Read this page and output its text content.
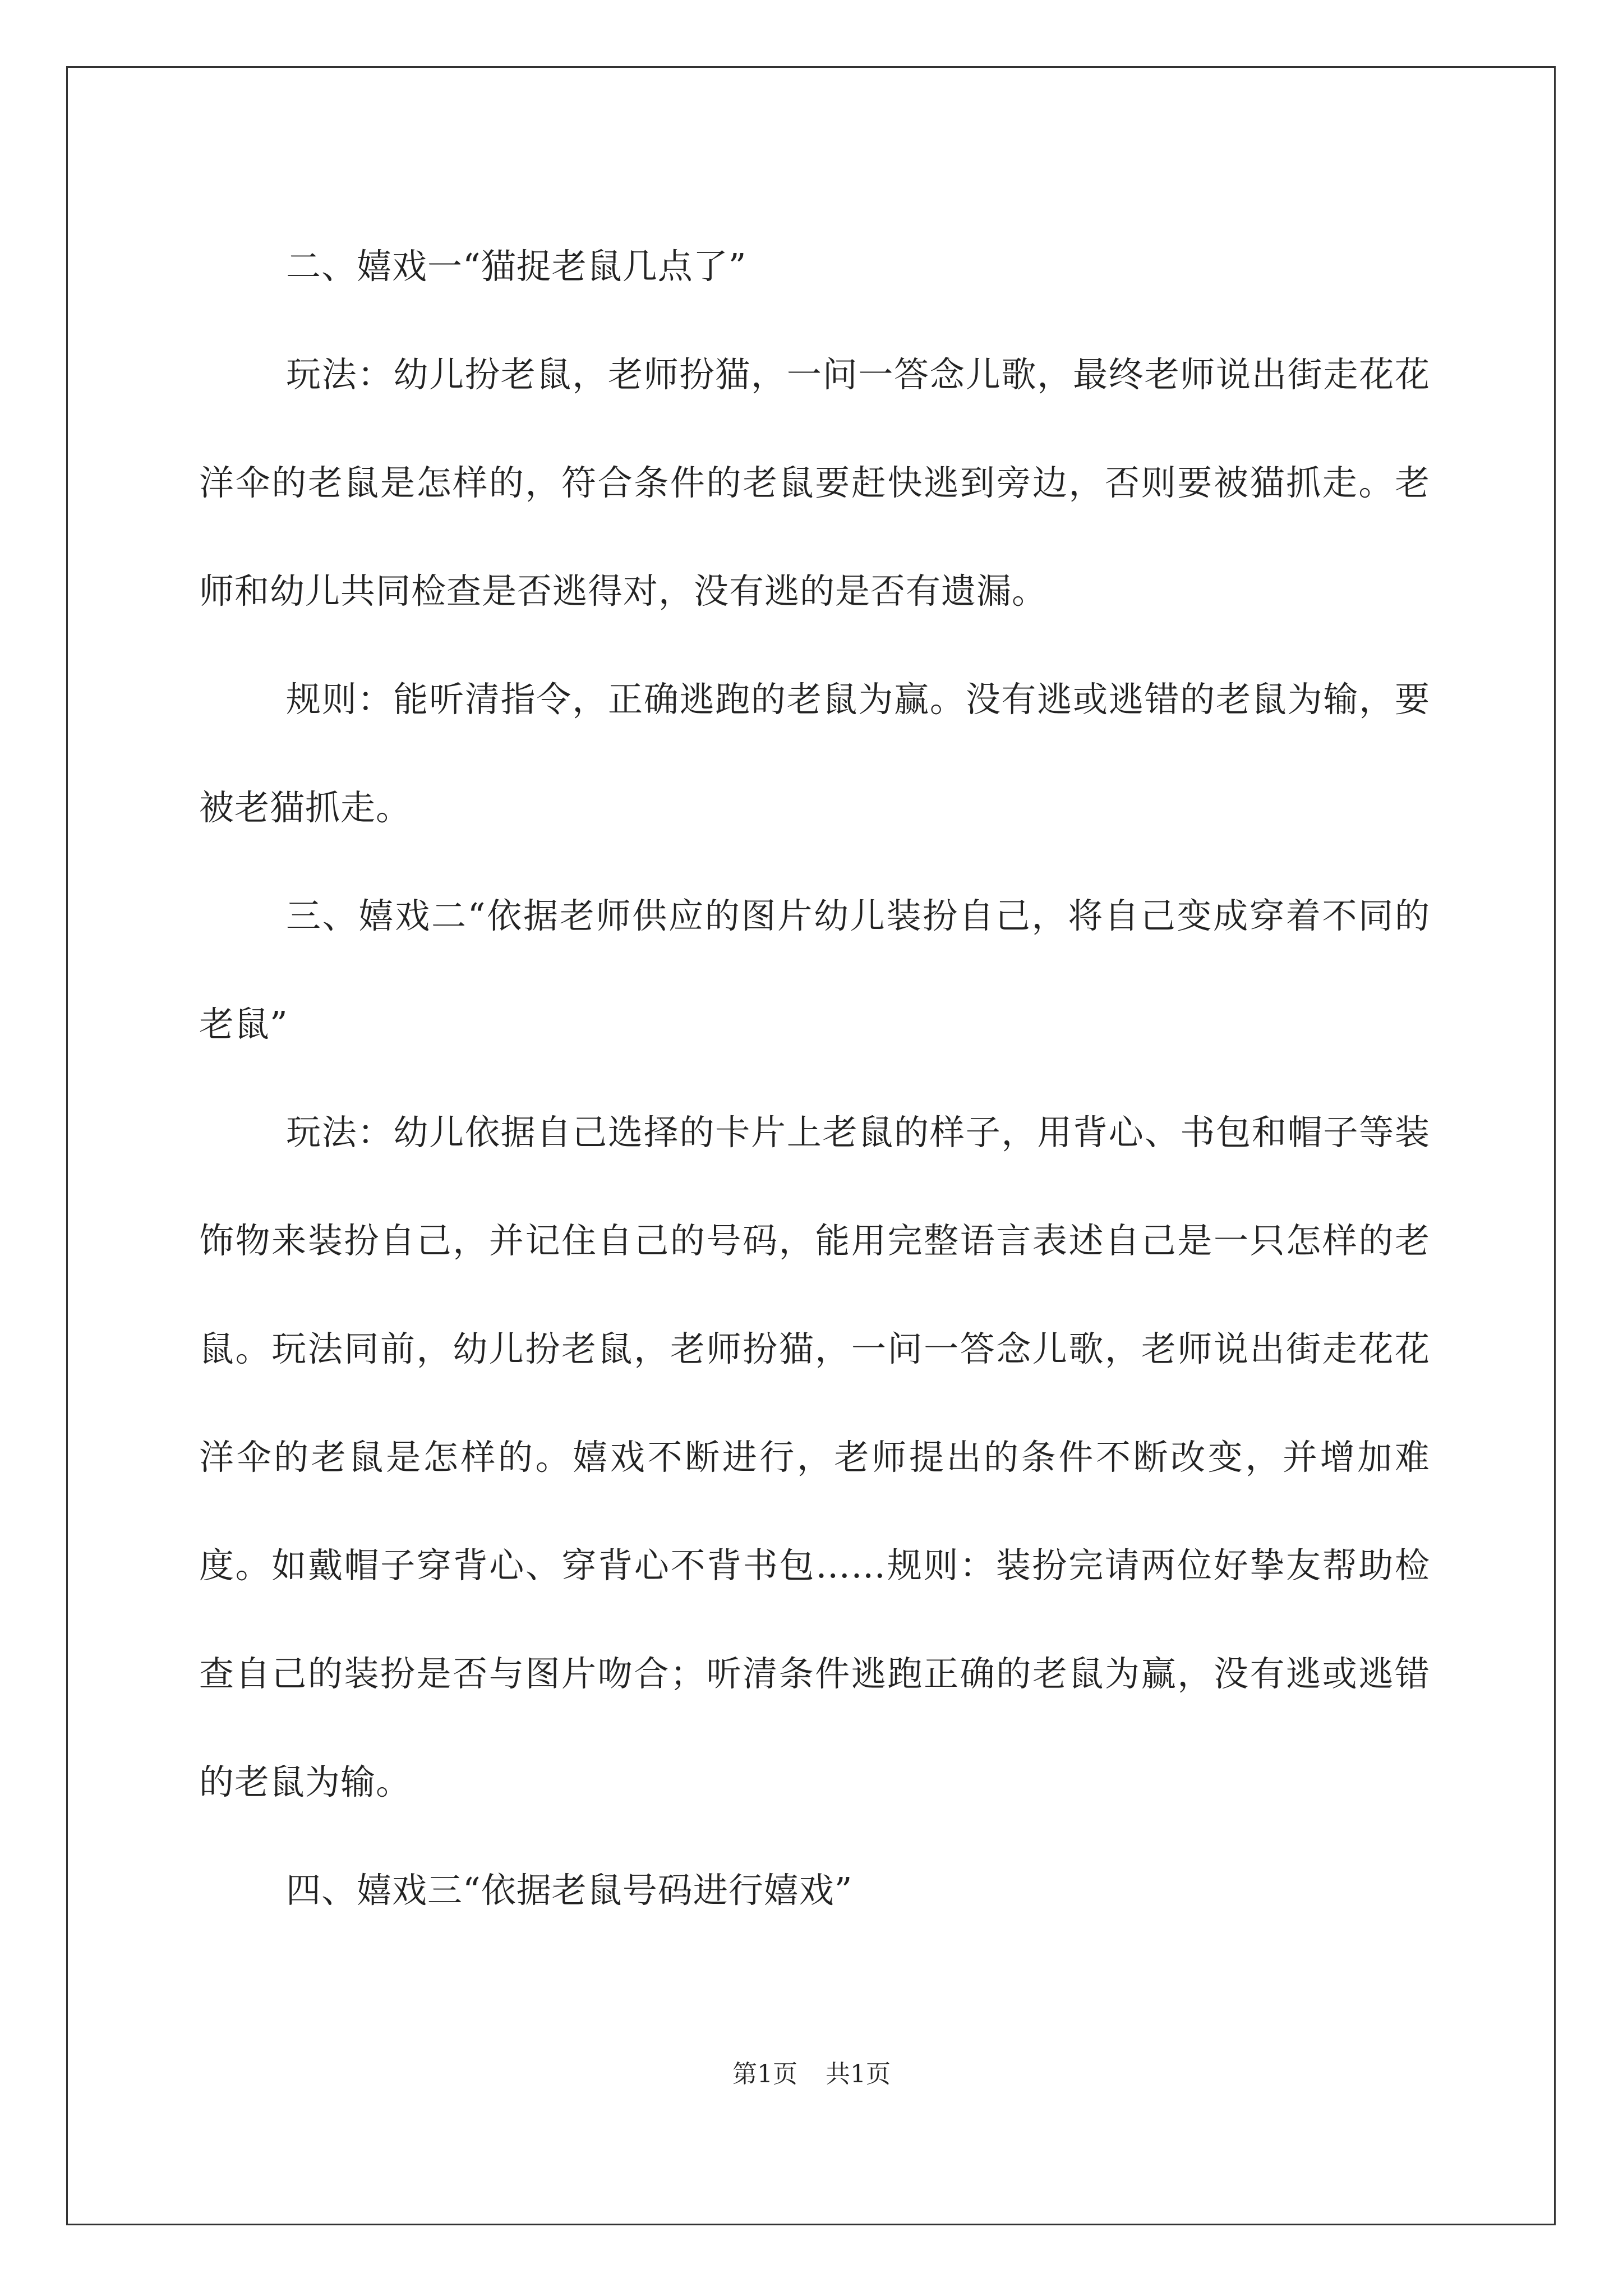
二、嬉戏一“猫捉老鼠几点了”

玩法：幼儿扮老鼠，老师扮猫，一问一答念儿歌，最终老师说出街走花花洋伞的老鼠是怎样的，符合条件的老鼠要赶快逃到旁边，否则要被猫抓走。老师和幼儿共同检查是否逃得对，没有逃的是否有遗漏。

规则：能听清指令，正确逃跑的老鼠为赢。没有逃或逃错的老鼠为输，要被老猫抓走。

三、嬉戏二“依据老师供应的图片幼儿装扮自己，将自己变成穿着不同的老鼠”

玩法：幼儿依据自己选择的卡片上老鼠的样子，用背心、书包和帽子等装饰物来装扮自己，并记住自己的号码，能用完整语言表述自己是一只怎样的老鼠。玩法同前，幼儿扮老鼠，老师扮猫，一问一答念儿歌，老师说出街走花花洋伞的老鼠是怎样的。嬉戏不断进行，老师提出的条件不断改变，并增加难度。如戴帽子穿背心、穿背心不背书包……规则：装扮完请两位好挚友帮助检查自己的装扮是否与图片吻合；听清条件逃跑正确的老鼠为赢，没有逃或逃错的老鼠为输。

四、嬉戏三“依据老鼠号码进行嬉戏”

第1页 共1页
